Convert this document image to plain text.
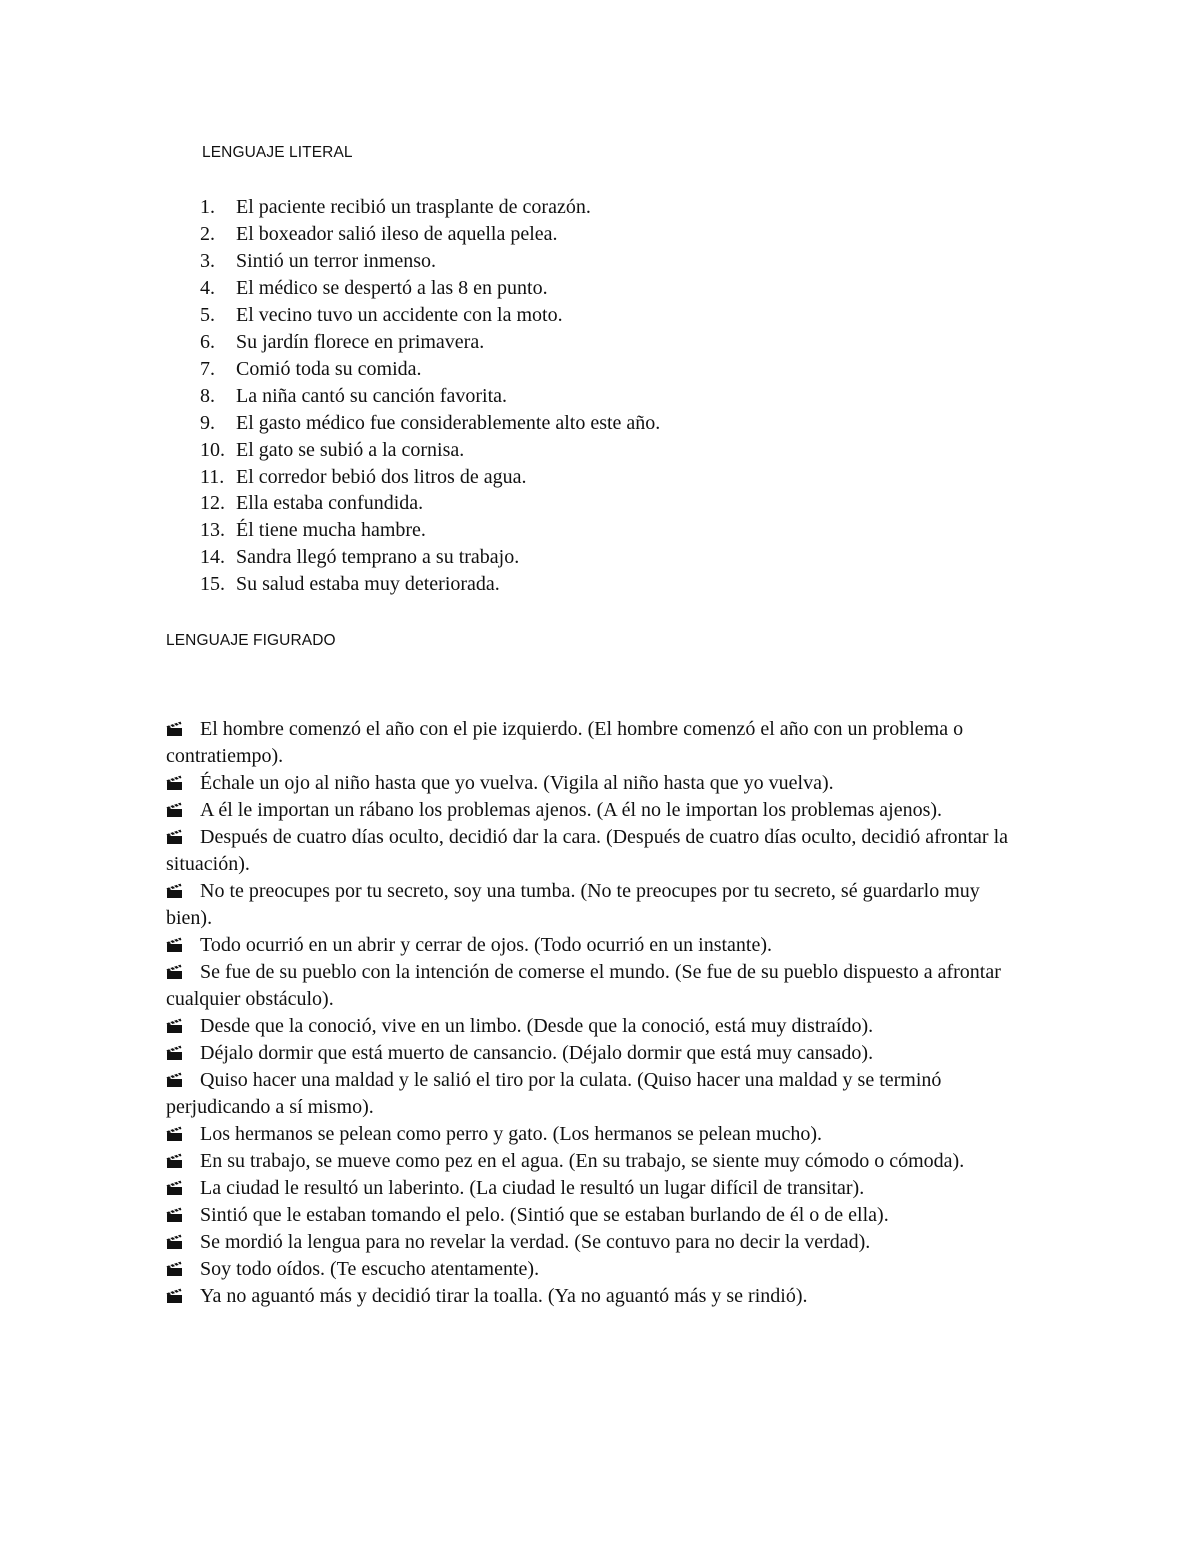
LENGUAJE LITERAL
1.	El paciente recibió un trasplante de corazón.
2.	El boxeador salió ileso de aquella pelea.
3.	Sintió un terror inmenso.
4.	El médico se despertó a las 8 en punto.
5.	El vecino tuvo un accidente con la moto.
6.	Su jardín florece en primavera.
7.	Comió toda su comida.
8.	La niña cantó su canción favorita.
9.	El gasto médico fue considerablemente alto este año.
10. El gato se subió a la cornisa.
11. El corredor bebió dos litros de agua.
12. Ella estaba confundida.
13. Él tiene mucha hambre.
14. Sandra llegó temprano a su trabajo.
15. Su salud estaba muy deteriorada.
LENGUAJE FIGURADO
El hombre comenzó el año con el pie izquierdo. (El hombre comenzó el año con un problema o contratiempo).
Échale un ojo al niño hasta que yo vuelva. (Vigila al niño hasta que yo vuelva).
A él le importan un rábano los problemas ajenos. (A él no le importan los problemas ajenos).
Después de cuatro días oculto, decidió dar la cara. (Después de cuatro días oculto, decidió afrontar la situación).
No te preocupes por tu secreto, soy una tumba. (No te preocupes por tu secreto, sé guardarlo muy bien).
Todo ocurrió en un abrir y cerrar de ojos. (Todo ocurrió en un instante).
Se fue de su pueblo con la intención de comerse el mundo. (Se fue de su pueblo dispuesto a afrontar cualquier obstáculo).
Desde que la conoció, vive en un limbo. (Desde que la conoció, está muy distraído).
Déjalo dormir que está muerto de cansancio. (Déjalo dormir que está muy cansado).
Quiso hacer una maldad y le salió el tiro por la culata. (Quiso hacer una maldad y se terminó perjudicando a sí mismo).
Los hermanos se pelean como perro y gato. (Los hermanos se pelean mucho).
En su trabajo, se mueve como pez en el agua. (En su trabajo, se siente muy cómodo o cómoda).
La ciudad le resultó un laberinto. (La ciudad le resultó un lugar difícil de transitar).
Sintió que le estaban tomando el pelo. (Sintió que se estaban burlando de él o de ella).
Se mordió la lengua para no revelar la verdad. (Se contuvo para no decir la verdad).
Soy todo oídos. (Te escucho atentamente).
Ya no aguantó más y decidió tirar la toalla. (Ya no aguantó más y se rindió).
